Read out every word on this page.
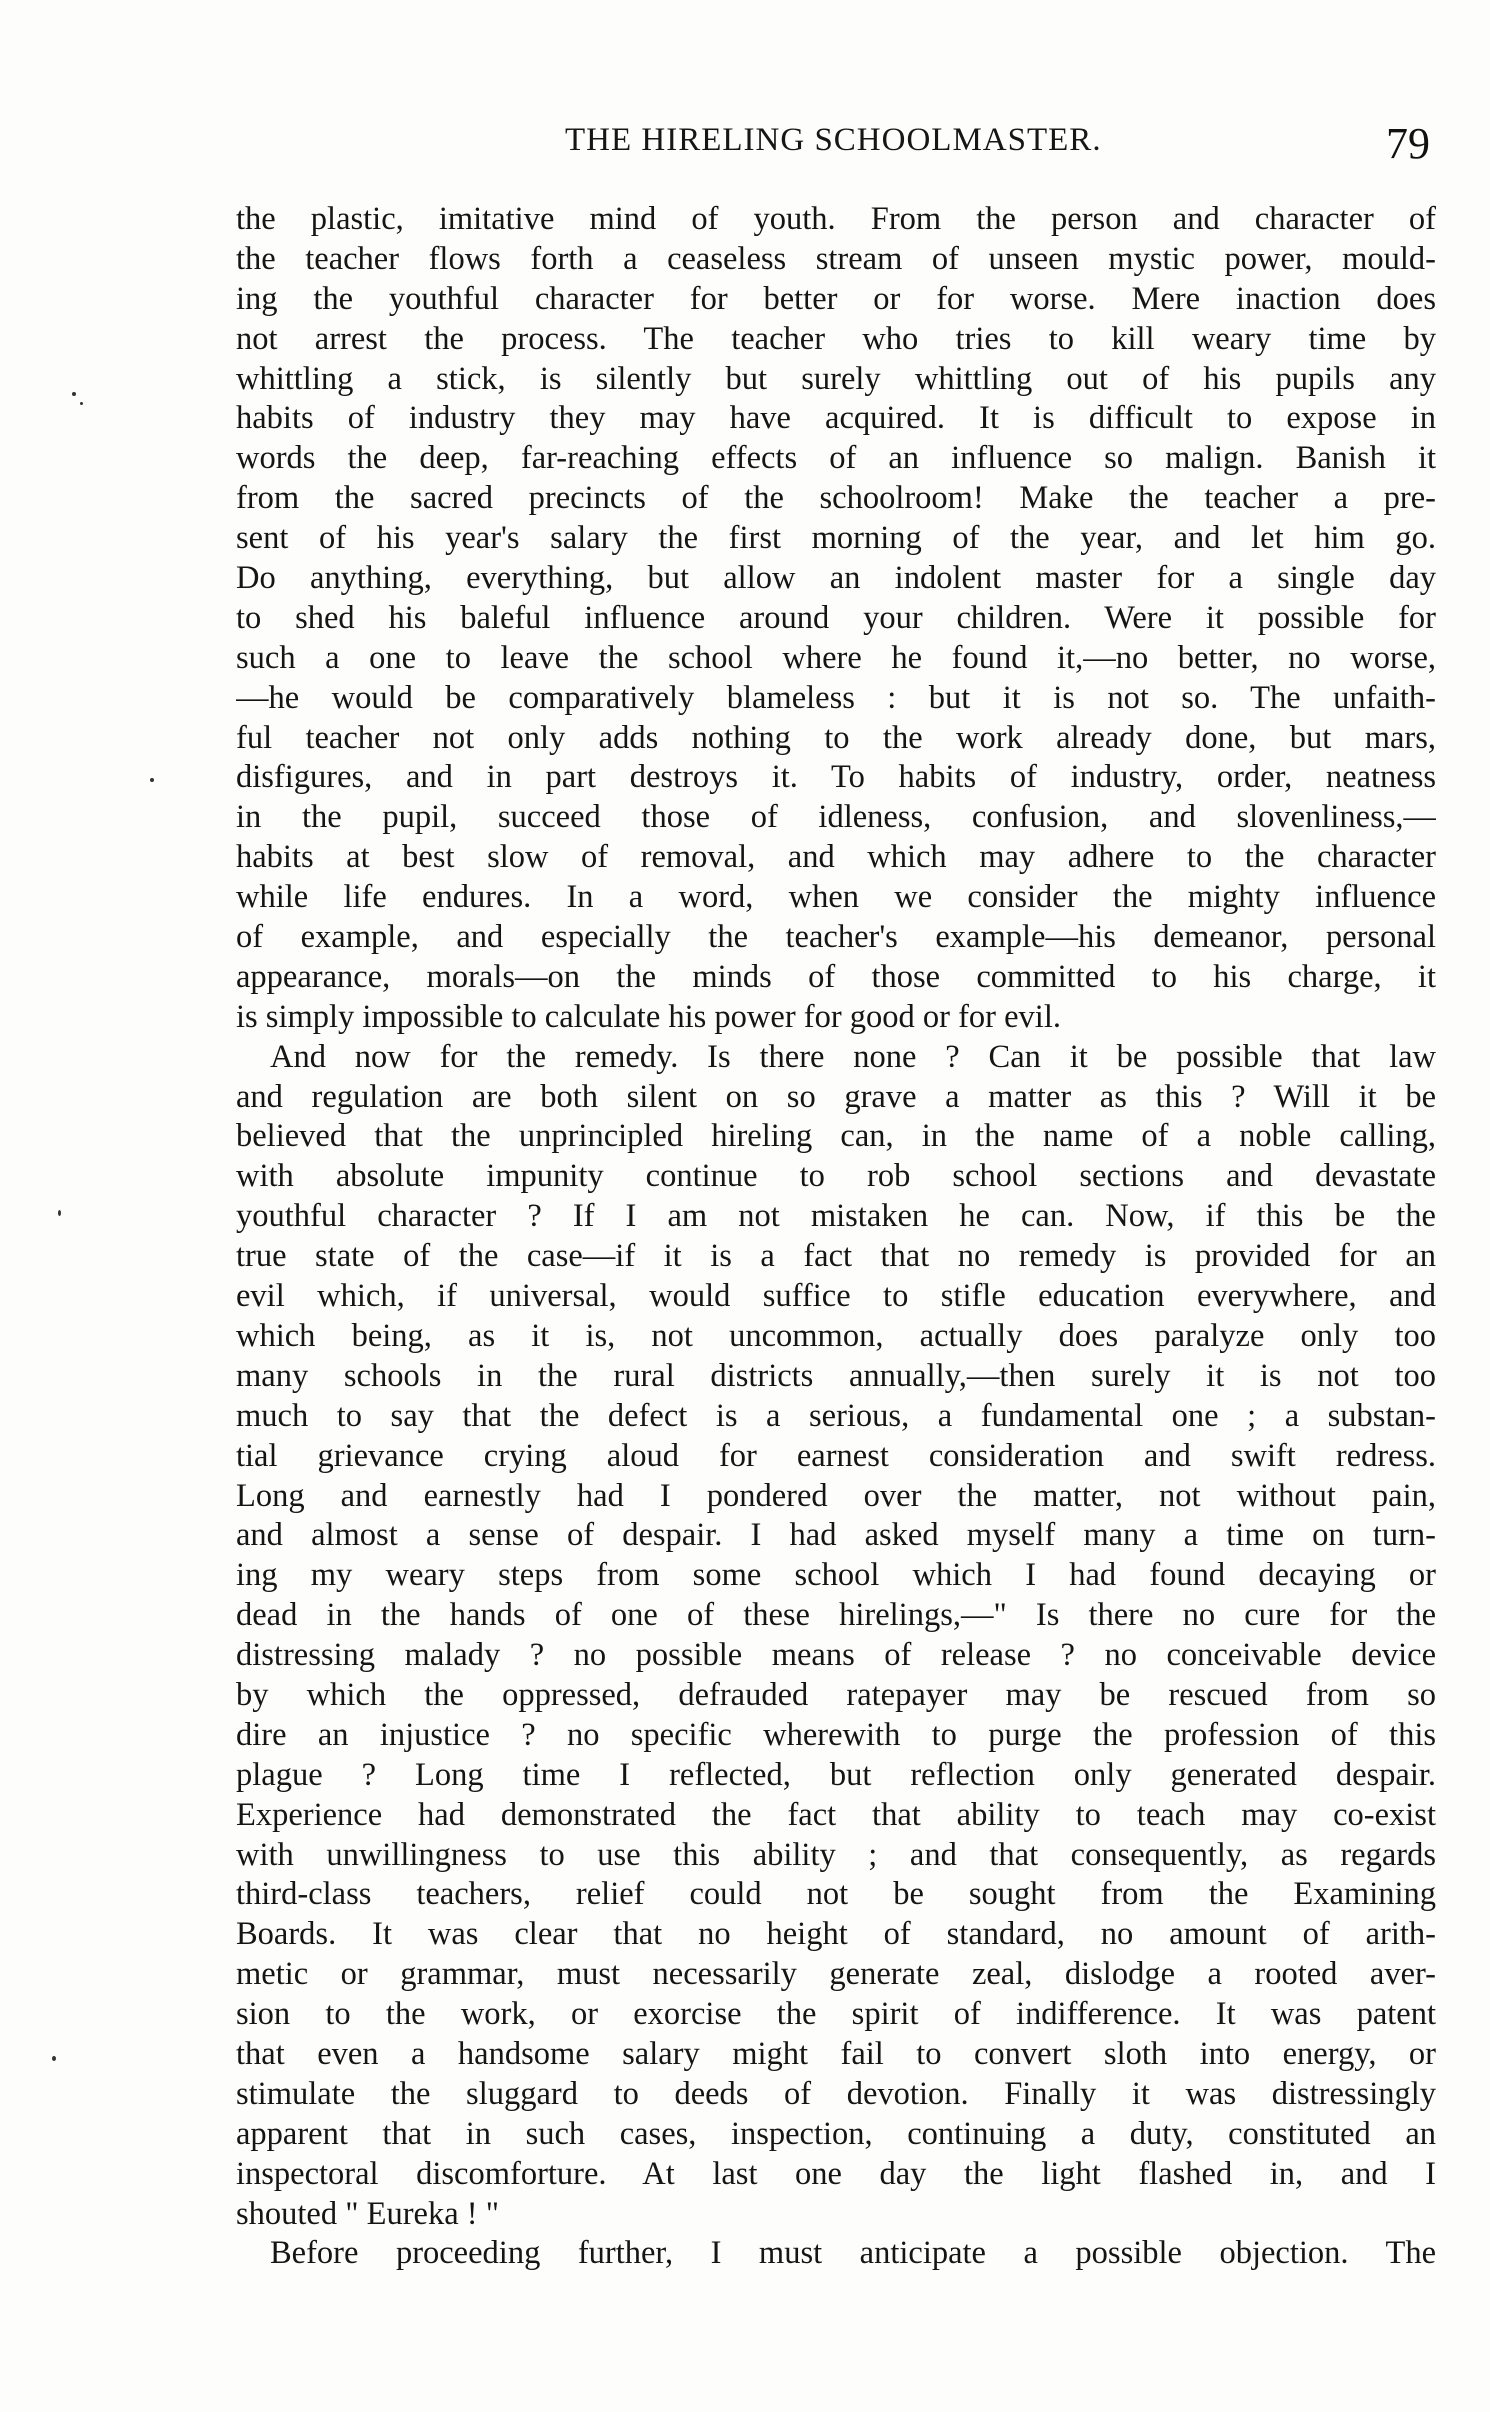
THE HIRELING SCHOOLMASTER.	79
the plastic, imitative mind of youth. From the person and character of
the teacher flows forth a ceaseless stream of unseen mystic power, mould-
ing the youthful character for better or for worse. Mere inaction does
not arrest the process. The teacher who tries to kill weary time by
whittling a stick, is silently but surely whittling out of his pupils any
habits of industry they may have acquired. It is difficult to expose in
words the deep, far-reaching effects of an influence so malign. Banish it
from the sacred precincts of the schoolroom! Make the teacher a pre-
sent of his year's salary the first morning of the year, and let him go.
Do anything, everything, but allow an indolent master for a single day
to shed his baleful influence around your children. Were it possible for
such a one to leave the school where he found it,—no better, no worse,
—he would be comparatively blameless : but it is not so. The unfaith-
ful teacher not only adds nothing to the work already done, but mars,
disfigures, and in part destroys it. To habits of industry, order, neatness
in the pupil, succeed those of idleness, confusion, and slovenliness,—
habits at best slow of removal, and which may adhere to the character
while life endures. In a word, when we consider the mighty influence
of example, and especially the teacher's example—his demeanor, personal
appearance, morals—on the minds of those committed to his charge, it
is simply impossible to calculate his power for good or for evil.
And now for the remedy. Is there none ? Can it be possible that law
and regulation are both silent on so grave a matter as this ? Will it be
believed that the unprincipled hireling can, in the name of a noble calling,
with absolute impunity continue to rob school sections and devastate
youthful character ? If I am not mistaken he can. Now, if this be the
true state of the case—if it is a fact that no remedy is provided for an
evil which, if universal, would suffice to stifle education everywhere, and
which being, as it is, not uncommon, actually does paralyze only too
many schools in the rural districts annually,—then surely it is not too
much to say that the defect is a serious, a fundamental one ; a substan-
tial grievance crying aloud for earnest consideration and swift redress.
Long and earnestly had I pondered over the matter, not without pain,
and almost a sense of despair. I had asked myself many a time on turn-
ing my weary steps from some school which I had found decaying or
dead in the hands of one of these hirelings,—" Is there no cure for the
distressing malady ? no possible means of release ? no conceivable device
by which the oppressed, defrauded ratepayer may be rescued from so
dire an injustice ? no specific wherewith to purge the profession of this
plague ? Long time I reflected, but reflection only generated despair.
Experience had demonstrated the fact that ability to teach may co-exist
with unwillingness to use this ability ; and that consequently, as regards
third-class teachers, relief could not be sought from the Examining
Boards. It was clear that no height of standard, no amount of arith-
metic or grammar, must necessarily generate zeal, dislodge a rooted aver-
sion to the work, or exorcise the spirit of indifference. It was patent
that even a handsome salary might fail to convert sloth into energy, or
stimulate the sluggard to deeds of devotion. Finally it was distressingly
apparent that in such cases, inspection, continuing a duty, constituted an
inspectoral discomforture. At last one day the light flashed in, and I
shouted " Eureka ! "
Before proceeding further, I must anticipate a possible objection. The
